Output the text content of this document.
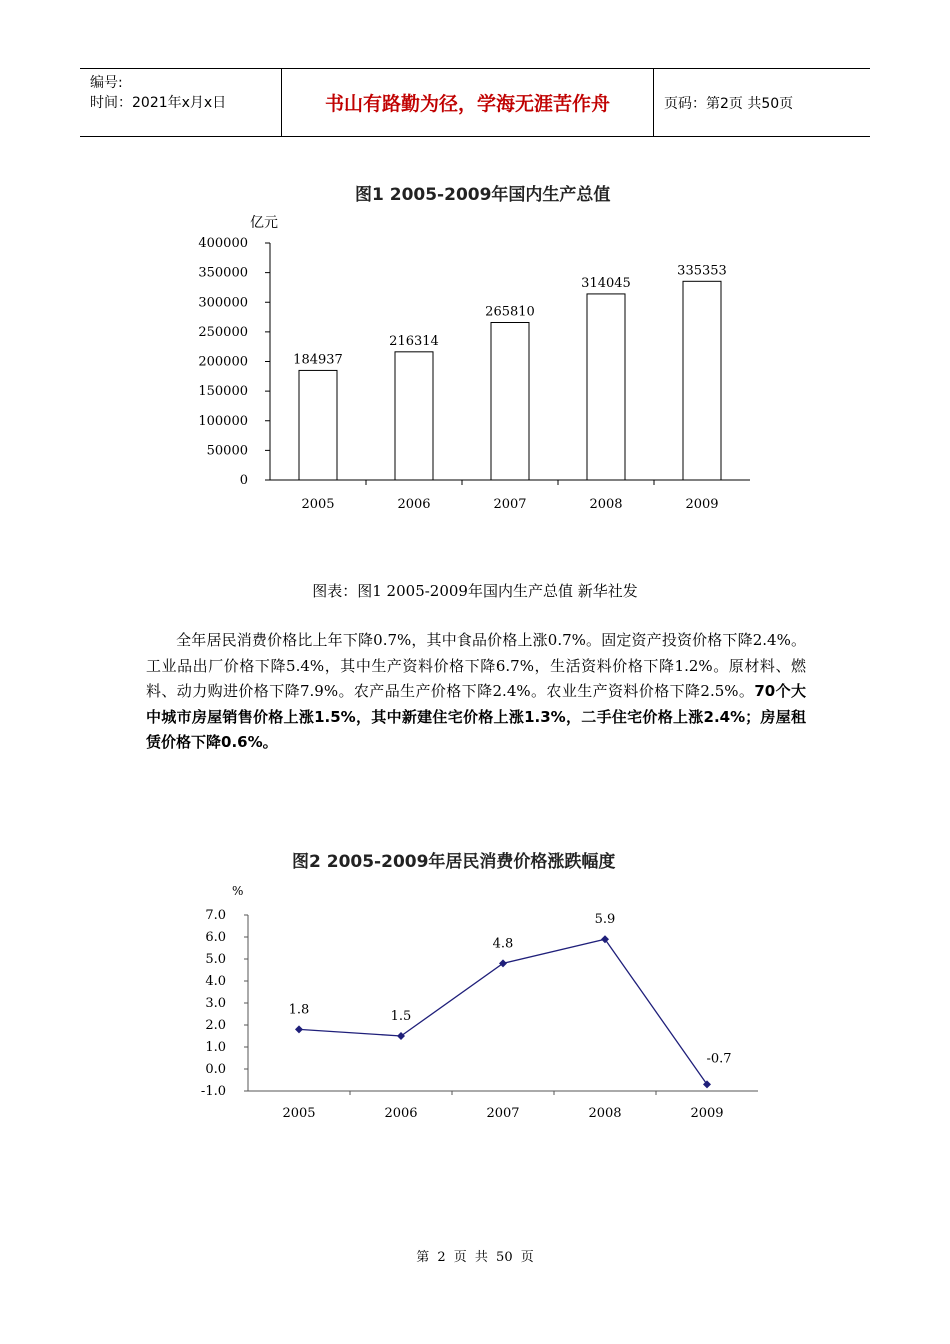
编号:
时间：2021年x月x日	书山有路勤为径，学海无涯苦作舟	页码：第2页 共50页
图1 2005-2009年国内生产总值
亿元
0
50000
100000
150000
200000
250000
300000
350000
400000
184937
2005
216314
2006
265810
2007
314045
2008
335353
2009
图表：图1 2005-2009年国内生产总值 新华社发
全年居民消费价格比上年下降0.7%，其中食品价格上涨0.7%。固定资产投资价格下降2.4%。工业品出厂价格下降5.4%，其中生产资料价格下降6.7%，生活资料价格下降1.2%。原材料、燃料、动力购进价格下降7.9%。农产品生产价格下降2.4%。农业生产资料价格下降2.5%。70个大中城市房屋销售价格上涨1.5%，其中新建住宅价格上涨1.3%，二手住宅价格上涨2.4%；房屋租赁价格下降0.6%。
图2 2005-2009年居民消费价格涨跌幅度
%
-1.0
0.0
1.0
2.0
3.0
4.0
5.0
6.0
7.0
1.8
2005
1.5
2006
4.8
2007
5.9
2008
-0.7
2009
第 2 页 共 50 页
